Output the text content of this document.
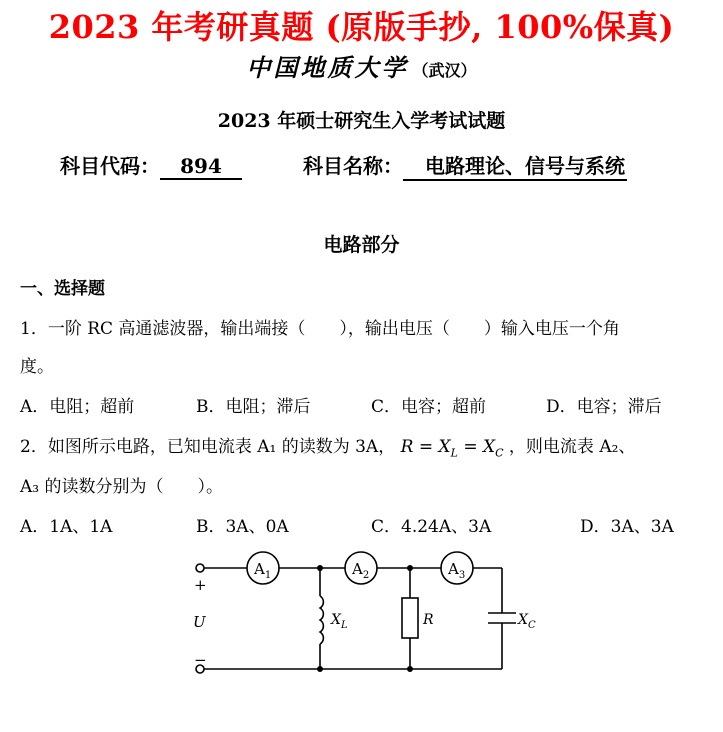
2023 年考研真题 (原版手抄, 100%保真)
中国地质大学 （武汉）
2023 年硕士研究生入学考试试题
科目代码： 894	科目名称： 电路理论、信号与系统
电路部分
一、选择题
1．一阶 RC 高通滤波器，输出端接（　　），输出电压（　　）输入电压一个角
度。
A．电阻；超前	B．电阻；滞后	C．电容；超前	D．电容；滞后
2．如图所示电路，已知电流表 A₁ 的读数为 3A， $R = X_L = X_C$ ，则电流表 A₂、
A₃ 的读数分别为（　　）。
A．1A、1A	B．3A、0A	C．4.24A、3A	D．3A、3A
$A_1$	$A_2$	$A_3$
+
U
−
$X_L$	R	$X_C$
